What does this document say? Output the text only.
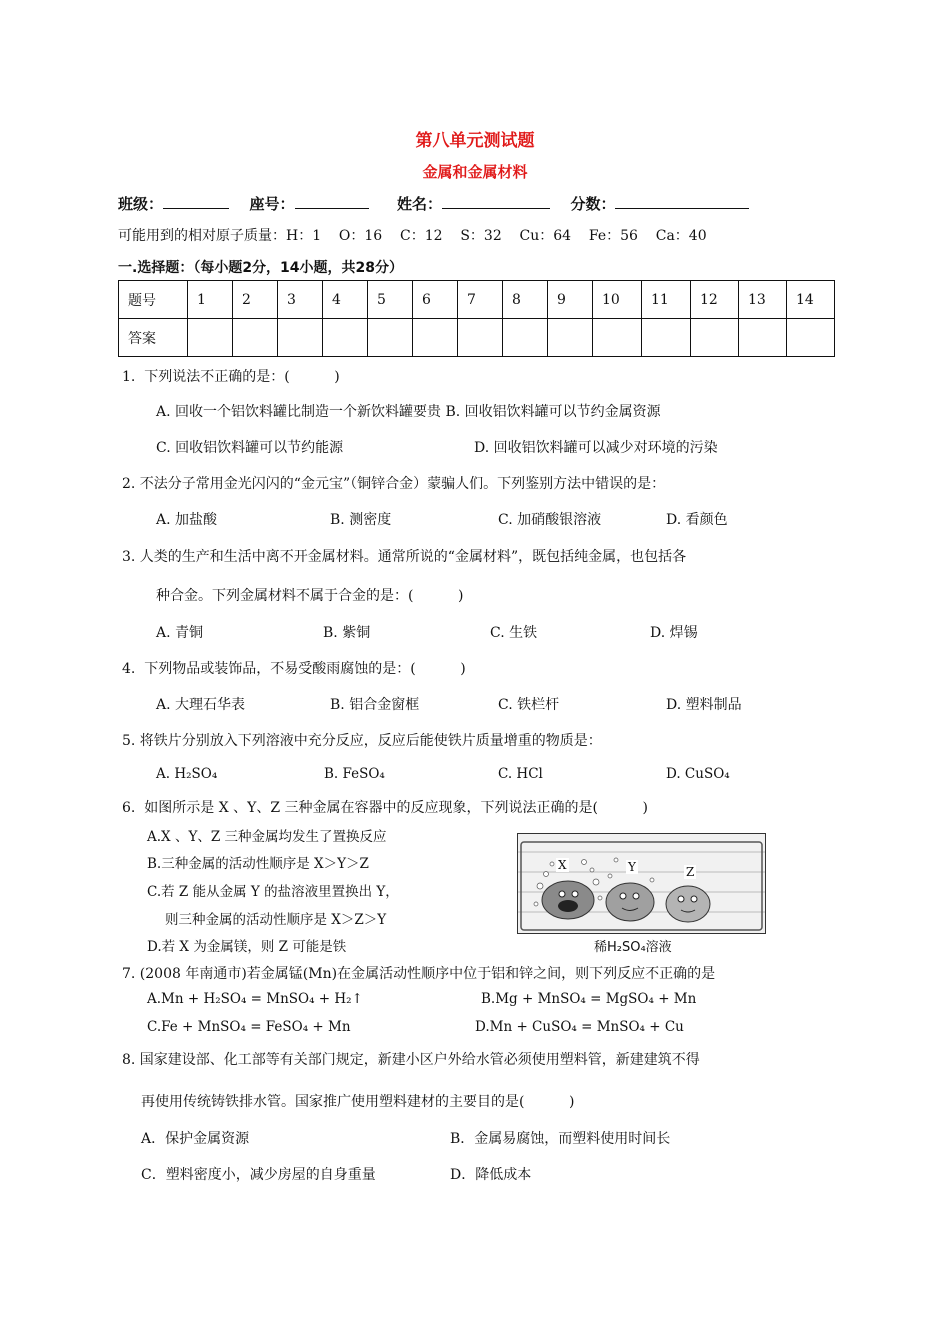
第八单元测试题
金属和金属材料
班级：	座号：	姓名：	分数：
可能用到的相对原子质量：H：1    O：16    C：12    S：32    Cu：64    Fe：56    Ca：40
一.选择题：（每小题2分，14小题，共28分）
题号	1	2	3	4	5	6	7	8	9	10	11	12	13	14
答案														
1.  下列说法不正确的是：(          )
A. 回收一个铝饮料罐比制造一个新饮料罐要贵 B. 回收铝饮料罐可以节约金属资源
C. 回收铝饮料罐可以节约能源	D. 回收铝饮料罐可以减少对环境的污染
2. 不法分子常用金光闪闪的“金元宝”（铜锌合金）蒙骗人们。下列鉴别方法中错误的是：
A. 加盐酸	B. 测密度	C. 加硝酸银溶液	D. 看颜色
3. 人类的生产和生活中离不开金属材料。通常所说的“金属材料”，既包括纯金属，也包括各
种合金。下列金属材料不属于合金的是：(          )
A. 青铜	B. 紫铜	C. 生铁	D. 焊锡
4.  下列物品或装饰品，不易受酸雨腐蚀的是：(          )
A. 大理石华表	B. 铝合金窗框	C. 铁栏杆	D. 塑料制品
5. 将铁片分别放入下列溶液中充分反应，反应后能使铁片质量增重的物质是：
A. H₂SO₄	B. FeSO₄	C. HCl	D. CuSO₄
6.  如图所示是 X 、Y、Z 三种金属在容器中的反应现象，下列说法正确的是(          )
A.X 、Y、Z 三种金属均发生了置换反应
B.三种金属的活动性顺序是 X＞Y＞Z
C.若 Z 能从金属 Y 的盐溶液里置换出 Y，
则三种金属的活动性顺序是 X＞Z＞Y
D.若 X 为金属镁，则 Z 可能是铁
X	Y	Z
稀H₂SO₄溶液
7. (2008 年南通市)若金属锰(Mn)在金属活动性顺序中位于铝和锌之间，则下列反应不正确的是
A.Mn + H₂SO₄ = MnSO₄ + H₂↑	B.Mg + MnSO₄ = MgSO₄ + Mn
C.Fe + MnSO₄ = FeSO₄ + Mn	D.Mn + CuSO₄ = MnSO₄ + Cu
8. 国家建设部、化工部等有关部门规定，新建小区户外给水管必须使用塑料管，新建建筑不得
再使用传统铸铁排水管。国家推广使用塑料建材的主要目的是(          )
A．保护金属资源	B．金属易腐蚀，而塑料使用时间长
C．塑料密度小，减少房屋的自身重量	D．降低成本
